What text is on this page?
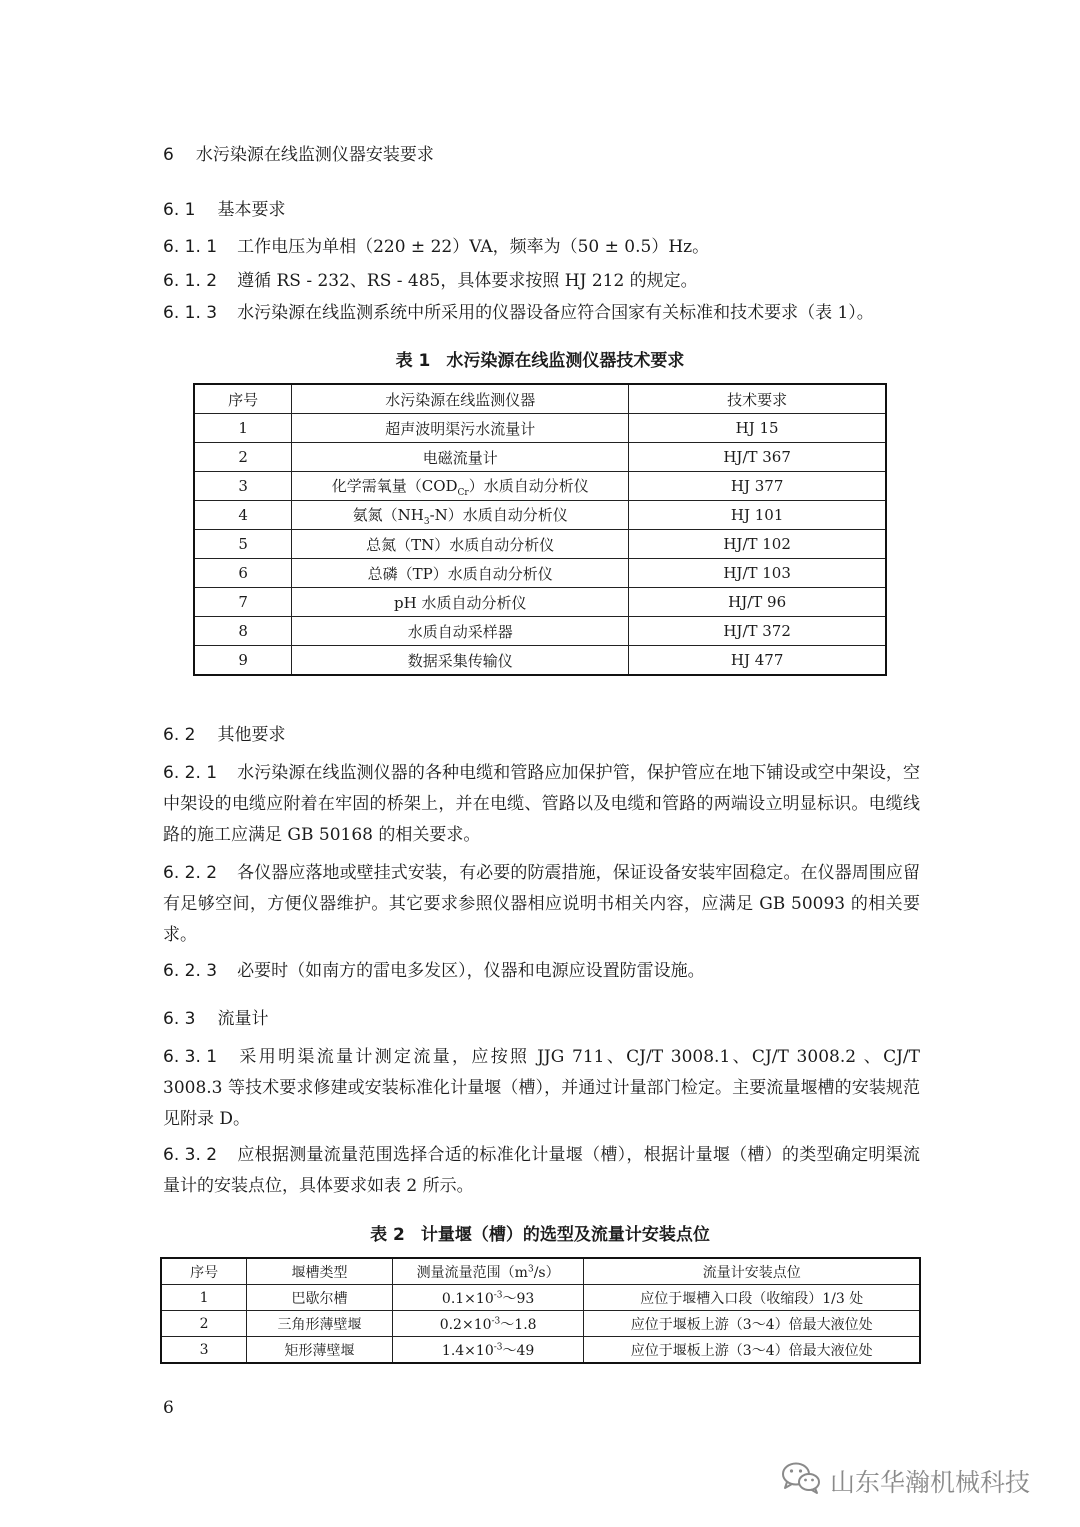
6 水污染源在线监测仪器安装要求
6. 1 基本要求
6. 1. 1 工作电压为单相（220 ± 22）VA，频率为（50 ± 0.5）Hz。
6. 1. 2 遵循 RS - 232、RS - 485，具体要求按照 HJ 212 的规定。
6. 1. 3 水污染源在线监测系统中所采用的仪器设备应符合国家有关标准和技术要求（表 1）。
表 1 水污染源在线监测仪器技术要求
序号	水污染源在线监测仪器	技术要求
1	超声波明渠污水流量计	HJ 15
2	电磁流量计	HJ/T 367
3	化学需氧量$(COD_{Cr})$水质自动分析仪	HJ 377
4	氨氮$(NH_3-N)$水质自动分析仪	HJ 101
5	总氮（TN）水质自动分析仪	HJ/T 102
6	总磷（TP）水质自动分析仪	HJ/T 103
7	pH 水质自动分析仪	HJ/T 96
8	水质自动采样器	HJ/T 372
9	数据采集传输仪	HJ 477
6. 2 其他要求
6. 2. 1 水污染源在线监测仪器的各种电缆和管路应加保护管，保护管应在地下铺设或空中架设，空中架设的电缆应附着在牢固的桥架上，并在电缆、管路以及电缆和管路的两端设立明显标识。电缆线路的施工应满足 GB 50168 的相关要求。
6. 2. 2 各仪器应落地或壁挂式安装，有必要的防震措施，保证设备安装牢固稳定。在仪器周围应留有足够空间，方便仪器维护。其它要求参照仪器相应说明书相关内容，应满足 GB 50093 的相关要求。
6. 2. 3 必要时（如南方的雷电多发区），仪器和电源应设置防雷设施。
6. 3 流量计
6. 3. 1 采用明渠流量计测定流量，应按照 JJG 711、CJ/T 3008.1、CJ/T 3008.2 、CJ/T 3008.3 等技术要求修建或安装标准化计量堰（槽），并通过计量部门检定。主要流量堰槽的安装规范见附录 D。
6. 3. 2 应根据测量流量范围选择合适的标准化计量堰（槽），根据计量堰（槽）的类型确定明渠流量计的安装点位，具体要求如表 2 所示。
表 2 计量堰（槽）的选型及流量计安装点位
序号	堰槽类型	测量流量范围$(m^3/s)$	流量计安装点位
1	巴歇尔槽	$0.1\times 10^{-3}\sim 93$	应位于堰槽入口段（收缩段）1/3 处
2	三角形薄壁堰	$0.2\times 10^{-3}\sim 1.8$	应位于堰板上游（3～4）倍最大液位处
3	矩形薄壁堰	$1.4\times 10^{-3}\sim 49$	应位于堰板上游（3～4）倍最大液位处
6
山东华瀚机械科技
